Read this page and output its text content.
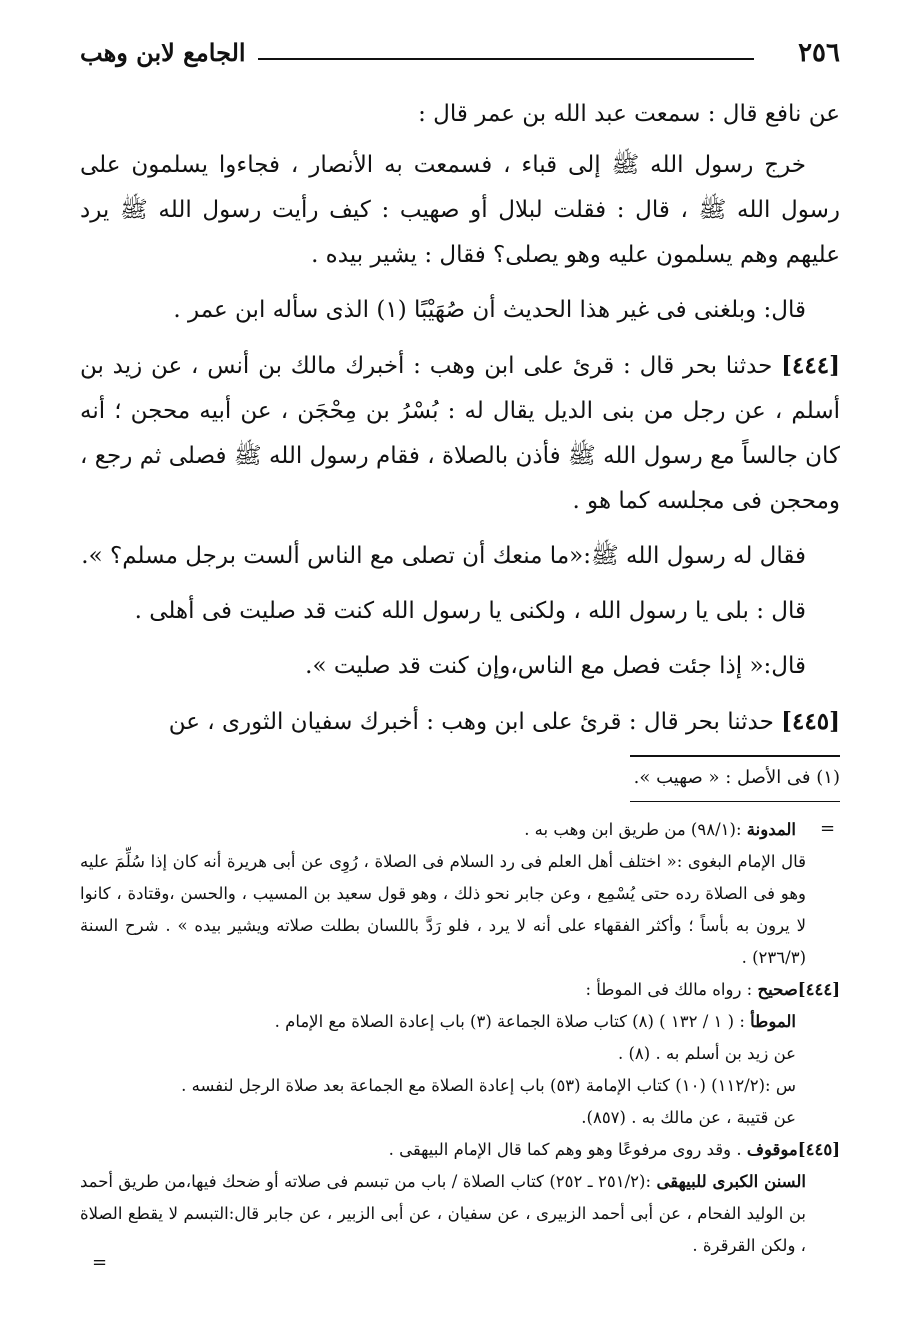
٢٥٦
الجامع لابن وهب

عن نافع قال : سمعت عبد الله بن عمر قال :

خرج رسول الله ﷺ إلى قباء ، فسمعت به الأنصار ، فجاءوا يسلمون على رسول الله ﷺ ، قال : فقلت لبلال أو صهيب : كيف رأيت رسول الله ﷺ يرد عليهم وهم يسلمون عليه وهو يصلى؟ فقال : يشير بيده .

قال: وبلغنى فى غير هذا الحديث أن صُهَيْبًا (١) الذى سأله ابن عمر .

[٤٤٤] حدثنا بحر قال : قرئ على ابن وهب : أخبرك مالك بن أنس ، عن زيد بن أسلم ، عن رجل من بنى الديل يقال له : بُسْرُ بن مِحْجَن ، عن أبيه محجن ؛ أنه كان جالساً مع رسول الله ﷺ فأذن بالصلاة ، فقام رسول الله ﷺ فصلى ثم رجع ، ومحجن فى مجلسه كما هو .

فقال له رسول الله ﷺ:«ما منعك أن تصلى مع الناس ألست برجل مسلم؟ ».

قال : بلى يا رسول الله ، ولكنى يا رسول الله كنت قد صليت فى أهلى .

قال:« إذا جئت فصل مع الناس،وإن كنت قد صليت ».

[٤٤٥] حدثنا بحر قال : قرئ على ابن وهب : أخبرك سفيان الثورى ، عن

(١) فى الأصل : « صهيب ».

المدونة :(٩٨/١) من طريق ابن وهب به .

قال الإمام البغوى :« اختلف أهل العلم فى رد السلام فى الصلاة ، رُوِى عن أبى هريرة أنه كان إذا سُلِّمَ عليه وهو فى الصلاة رده حتى يُسْمِع ، وعن جابر نحو ذلك ، وهو قول سعيد بن المسيب ، والحسن ،وقتادة ، كانوا لا يرون به بأساً ؛ وأكثر الفقهاء على أنه لا يرد ، فلو رَدَّ باللسان بطلت صلاته ويشير بيده » . شرح السنة (٢٣٦/٣) .

[٤٤٤]صحيح : رواه مالك فى الموطأ :

الموطأ : ( ١ / ١٣٢ ) (٨) كتاب صلاة الجماعة (٣) باب إعادة الصلاة مع الإمام .

عن زيد بن أسلم به . (٨) .

س :(١١٢/٢) (١٠) كتاب الإمامة (٥٣) باب إعادة الصلاة مع الجماعة بعد صلاة الرجل لنفسه .

عن قتيبة ، عن مالك به . (٨٥٧).

[٤٤٥]موقوف . وقد روى مرفوعًا وهو وهم كما قال الإمام البيهقى .

السنن الكبرى للبيهقى :(٢٥١/٢ ـ ٢٥٢) كتاب الصلاة / باب من تبسم فى صلاته أو ضحك فيها،من طريق أحمد بن الوليد الفحام ، عن أبى أحمد الزبيرى ، عن سفيان ، عن أبى الزبير ، عن جابر قال:التبسم لا يقطع الصلاة ، ولكن القرقرة .

=
=
